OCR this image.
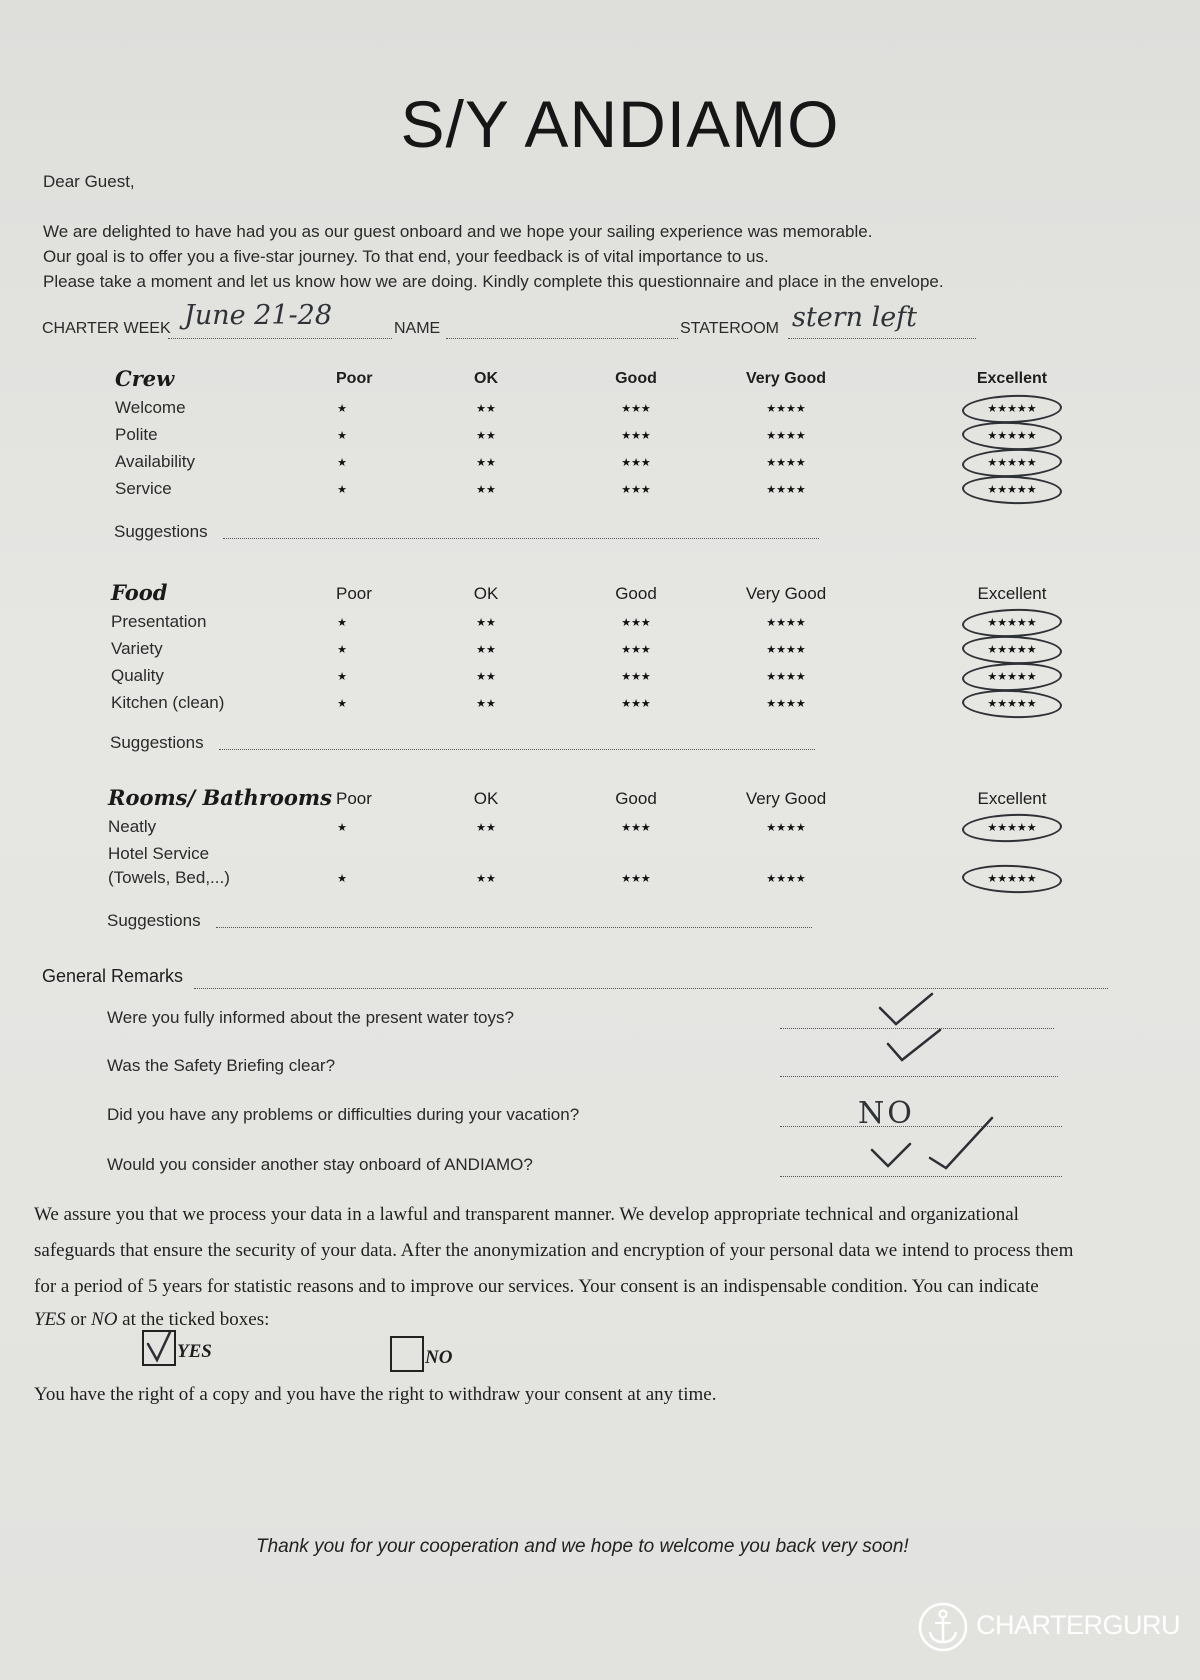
S/Y ANDIAMO
Dear Guest,
We are delighted to have had you as our guest onboard and we hope your sailing experience was memorable.
Our goal is to offer you a five-star journey. To that end, your feedback is of vital importance to us.
Please take a moment and let us know how we are doing. Kindly complete this questionnaire and place in the envelope.
CHARTER WEEK June 21-28	NAME	STATEROOM stern left
Crew	Poor	OK	Good	Very Good	Excellent
Welcome	★	★★	★★★	★★★★	★★★★★
Polite	★	★★	★★★	★★★★	★★★★★
Availability	★	★★	★★★	★★★★	★★★★★
Service	★	★★	★★★	★★★★	★★★★★
Suggestions
Food	Poor	OK	Good	Very Good	Excellent
Presentation	★	★★	★★★	★★★★	★★★★★
Variety	★	★★	★★★	★★★★	★★★★★
Quality	★	★★	★★★	★★★★	★★★★★
Kitchen (clean)	★	★★	★★★	★★★★	★★★★★
Suggestions
Rooms/ Bathrooms Poor	OK	Good	Very Good	Excellent
Neatly	★	★★	★★★	★★★★	★★★★★
Hotel Service
(Towels, Bed,...)	★	★★	★★★	★★★★	★★★★★
Suggestions
General Remarks
Were you fully informed about the present water toys?
Was the Safety Briefing clear?
Did you have any problems or difficulties during your vacation?	NO
Would you consider another stay onboard of ANDIAMO?
We assure you that we process your data in a lawful and transparent manner. We develop appropriate technical and organizational
safeguards that ensure the security of your data. After the anonymization and encryption of your personal data we intend to process them
for a period of 5 years for statistic reasons and to improve our services. Your consent is an indispensable condition. You can indicate
YES or NO at the ticked boxes:
YES	NO
You have the right of a copy and you have the right to withdraw your consent at any time.
Thank you for your cooperation and we hope to welcome you back very soon!
CHARTERGURU
